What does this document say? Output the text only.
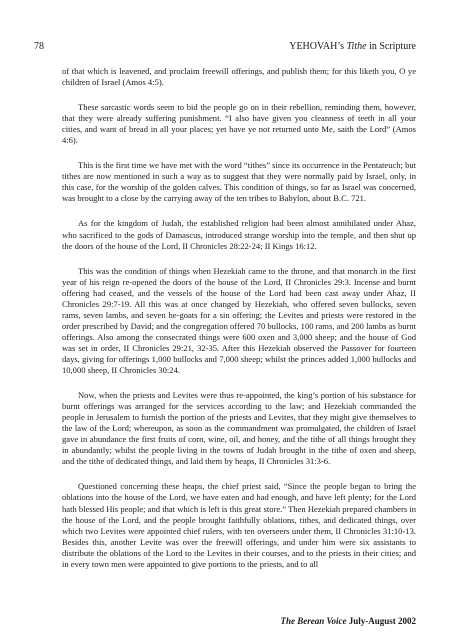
78	YEHOVAH’s Tithe in Scripture

of that which is leavened, and proclaim freewill offerings, and publish them; for this liketh you, O ye children of Israel (Amos 4:5).

These sarcastic words seem to bid the people go on in their rebellion, reminding them, however, that they were already suffering punishment. “I also have given you cleanness of teeth in all your cities, and want of bread in all your places; yet have ye not returned unto Me, saith the Lord” (Amos 4:6).

This is the first time we have met with the word “tithes” since its occurrence in the Pentateuch; but tithes are now mentioned in such a way as to suggest that they were normally paid by Israel, only, in this case, for the worship of the golden calves. This condition of things, so far as Israel was concerned, was brought to a close by the carrying away of the ten tribes to Babylon, about B.C. 721.

As for the kingdom of Judah, the established religion had been almost annihilated under Ahaz, who sacrificed to the gods of Damascus, introduced strange worship into the temple, and then shut up the doors of the house of the Lord, II Chronicles 28:22-24; II Kings 16:12.

This was the condition of things when Hezekiah came to the throne, and that monarch in the first year of his reign re-opened the doors of the house of the Lord, II Chronicles 29:3. Incense and burnt offering had ceased, and the vessels of the house of the Lord had been cast away under Ahaz, II Chronicles 29:7-19. All this was at once changed by Hezekiah, who offered seven bullocks, seven rams, seven lambs, and seven he-goats for a sin offering; the Levites and priests were restored in the order prescribed by David; and the congregation offered 70 bullocks, 100 rams, and 200 lambs as burnt offerings. Also among the consecrated things were 600 oxen and 3,000 sheep; and the house of God was set in order, II Chronicles 29:21, 32-35. After this Hezekiah observed the Passover for fourteen days, giving for offerings 1,000 bullocks and 7,000 sheep; whilst the princes added 1,000 bullocks and 10,000 sheep, II Chronicles 30:24.

Now, when the priests and Levites were thus re-appointed, the king’s portion of his substance for burnt offerings was arranged for the services according to the law; and Hezekiah commanded the people in Jerusalem to furnish the portion of the priests and Levites, that they might give themselves to the law of the Lord; whereupon, as soon as the commandment was promulgated, the children of Israel gave in abundance the first fruits of corn, wine, oil, and honey, and the tithe of all things brought they in abundantly; whilst the people living in the towns of Judah brought in the tithe of oxen and sheep, and the tithe of dedicated things, and laid them by heaps, II Chronicles 31:3-6.

Questioned concerning these heaps, the chief priest said, “Since the people began to bring the oblations into the house of the Lord, we have eaten and had enough, and have left plenty; for the Lord hath blessed His people; and that which is left is this great store.” Then Hezekiah prepared chambers in the house of the Lord, and the people brought faithfully oblations, tithes, and dedicated things, over which two Levites were appointed chief rulers, with ten overseers under them, II Chronicles 31:10-13. Besides this, another Levite was over the freewill offerings, and under him were six assistants to distribute the oblations of the Lord to the Levites in their courses, and to the priests in their cities; and in every town men were appointed to give portions to the priests, and to all

The Berean Voice July-August 2002
